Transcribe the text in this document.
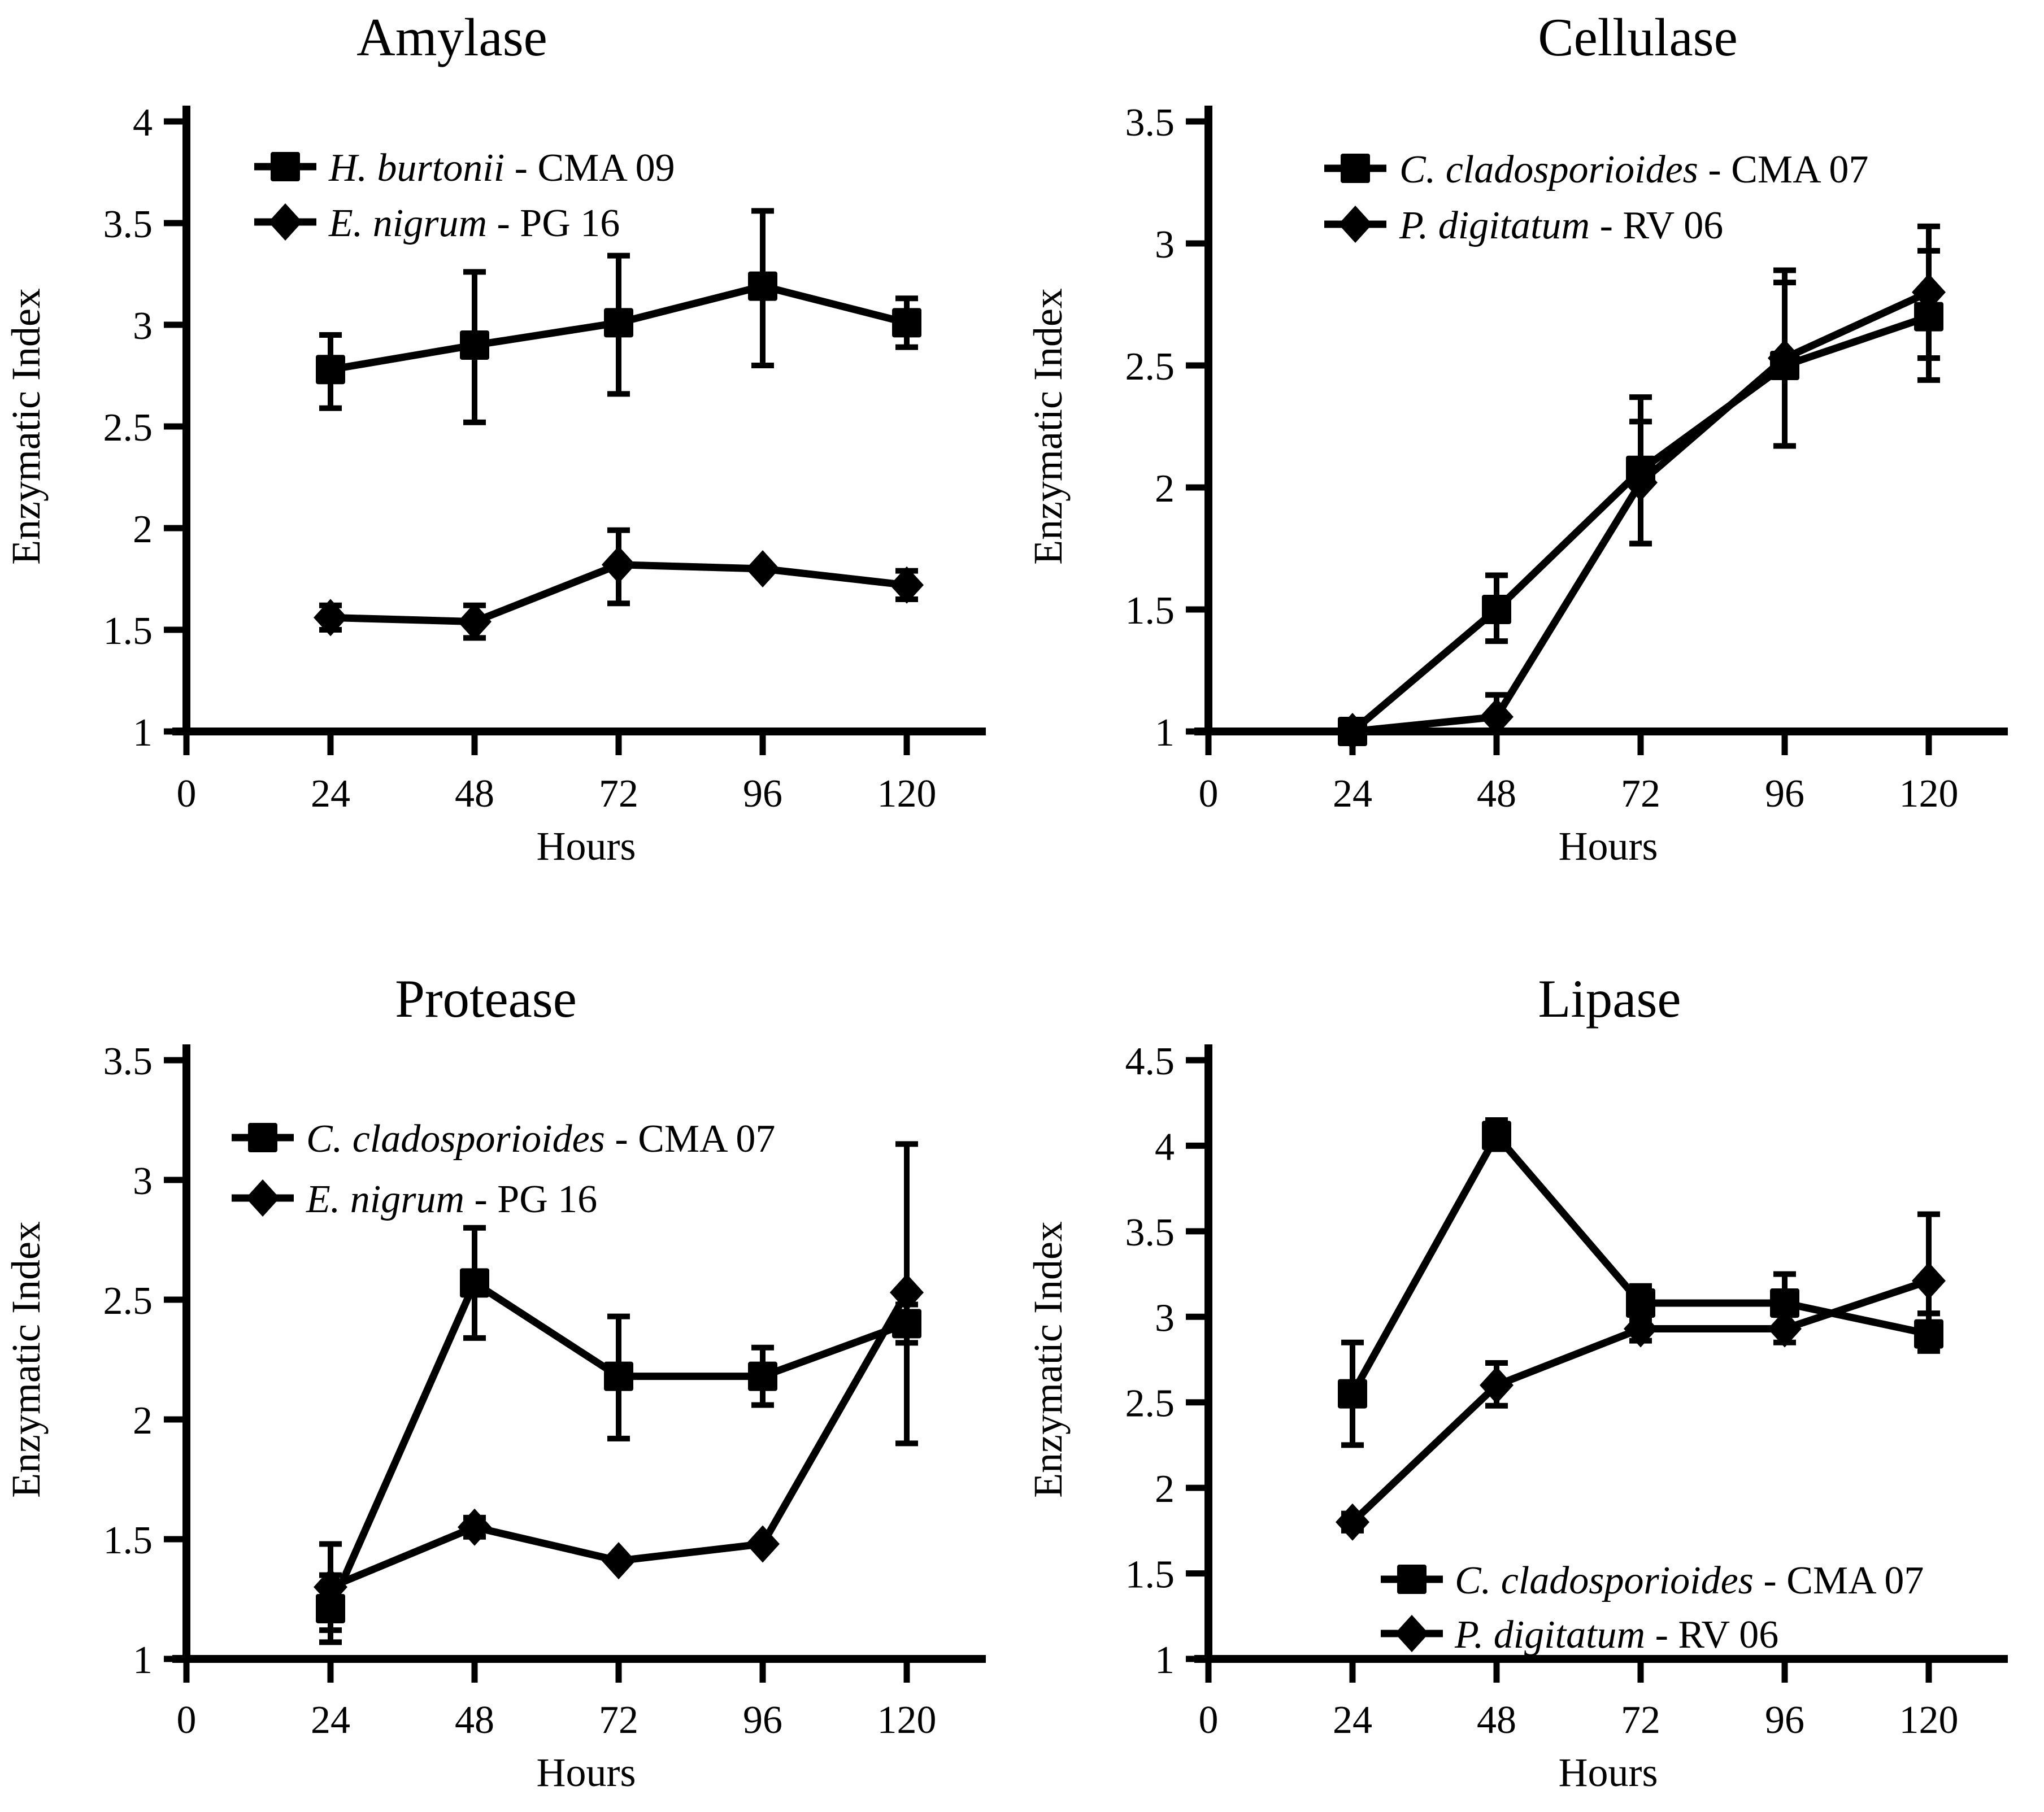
Amylase
1
1.5
2
2.5
3
3.5
4
0	24	48	72	96 120
Hours
Enzymatic Index
H. burtonii - CMA 09
E. nigrum - PG 16
Cellulase
1
1.5
2
2.5
3
3.5
0	24	48	72	96 120
Hours
Enzymatic Index
C. cladosporioides - CMA 07
P. digitatum - RV 06
Protease
1
1.5
2
2.5
3
3.5
0	24	48	72	96 120
Hours
Enzymatic Index
C. cladosporioides - CMA 07
E. nigrum - PG 16
Lipase
1
1.5
2
2.5
3
3.5
4
4.5
0	24	48	72	96 120
Hours
Enzymatic Index
C. cladosporioides - CMA 07
P. digitatum - RV 06
